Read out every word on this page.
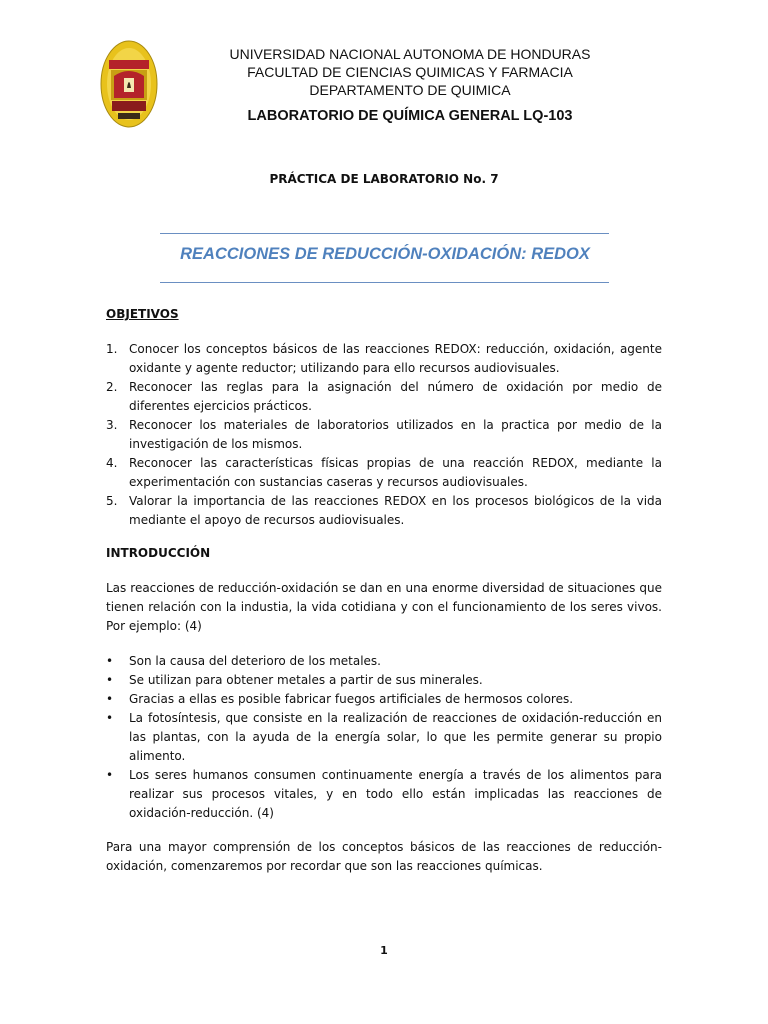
UNIVERSIDAD NACIONAL AUTONOMA DE HONDURAS
FACULTAD DE CIENCIAS QUIMICAS Y FARMACIA
DEPARTAMENTO DE QUIMICA
LABORATORIO DE QUÍMICA GENERAL LQ-103
PRÁCTICA DE LABORATORIO No. 7
REACCIONES DE REDUCCIÓN-OXIDACIÓN: REDOX
OBJETIVOS
1. Conocer los conceptos básicos de las reacciones REDOX: reducción, oxidación, agente oxidante y agente reductor; utilizando para ello recursos audiovisuales.
2. Reconocer las reglas para la asignación del número de oxidación por medio de diferentes ejercicios prácticos.
3. Reconocer los materiales de laboratorios utilizados en la practica por medio de la investigación de los mismos.
4. Reconocer las características físicas propias de una reacción REDOX, mediante la experimentación con sustancias caseras y recursos audiovisuales.
5. Valorar la importancia de las reacciones REDOX en los procesos biológicos de la vida mediante el apoyo de recursos audiovisuales.
INTRODUCCIÓN
Las reacciones de reducción-oxidación se dan en una enorme diversidad de situaciones que tienen relación con la industia, la vida cotidiana y con el funcionamiento de los seres vivos. Por ejemplo: (4)
• Son la causa del deterioro de los metales.
• Se utilizan para obtener metales a partir de sus minerales.
• Gracias a ellas es posible fabricar fuegos artificiales de hermosos colores.
• La fotosíntesis, que consiste en la realización de reacciones de oxidación-reducción en las plantas, con la ayuda de la energía solar, lo que les permite generar su propio alimento.
• Los seres humanos consumen continuamente energía a través de los alimentos para realizar sus procesos vitales, y en todo ello están implicadas las reacciones de oxidación-reducción. (4)
Para una mayor comprensión de los conceptos básicos de las reacciones de reducción-oxidación, comenzaremos por recordar que son las reacciones químicas.
1
